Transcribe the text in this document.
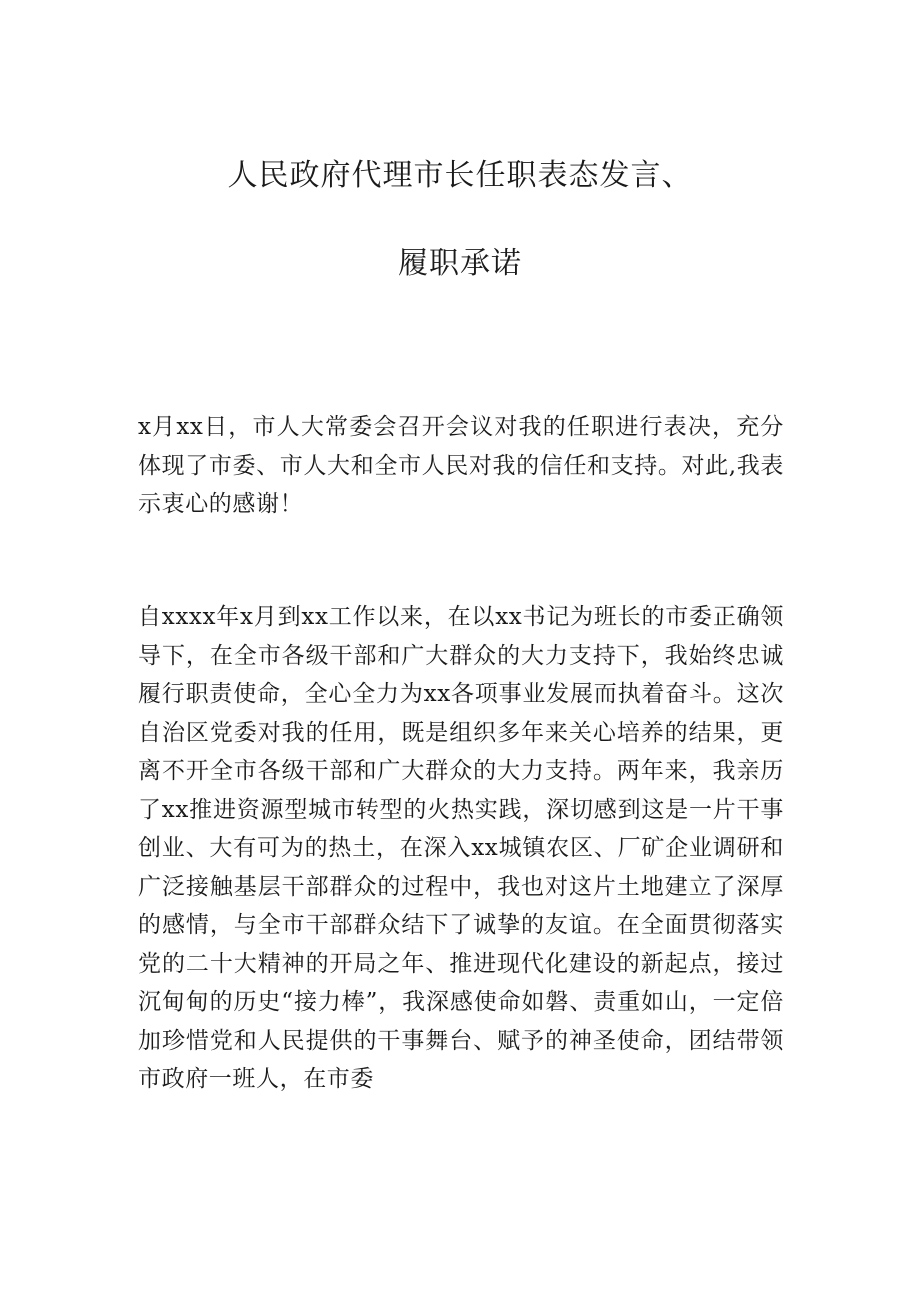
人民政府代理市长任职表态发言、
履职承诺

x月xx日，市人大常委会召开会议对我的任职进行表决，充分体现了市委、市人大和全市人民对我的信任和支持。对此,我表示衷心的感谢！

自xxxx年x月到xx工作以来，在以xx书记为班长的市委正确领导下，在全市各级干部和广大群众的大力支持下，我始终忠诚履行职责使命，全心全力为xx各项事业发展而执着奋斗。这次自治区党委对我的任用，既是组织多年来关心培养的结果，更离不开全市各级干部和广大群众的大力支持。两年来，我亲历了xx推进资源型城市转型的火热实践，深切感到这是一片干事创业、大有可为的热土，在深入xx城镇农区、厂矿企业调研和广泛接触基层干部群众的过程中，我也对这片土地建立了深厚的感情，与全市干部群众结下了诚挚的友谊。在全面贯彻落实党的二十大精神的开局之年、推进现代化建设的新起点，接过沉甸甸的历史“接力棒”，我深感使命如磐、责重如山，一定倍加珍惜党和人民提供的干事舞台、赋予的神圣使命，团结带领市政府一班人，在市委
